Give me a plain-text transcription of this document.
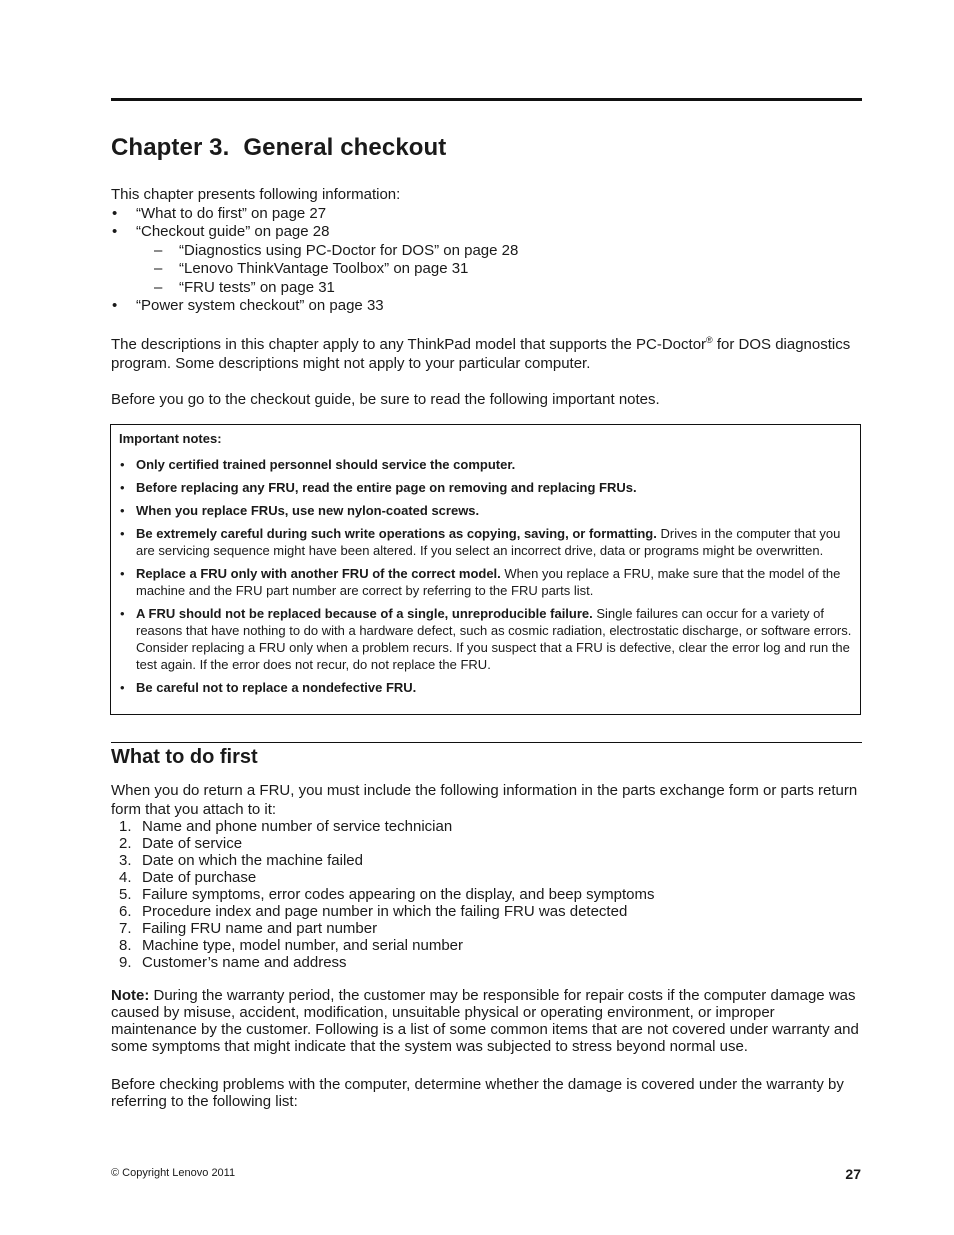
Chapter 3. General checkout

This chapter presents following information:

• “What to do first” on page 27
• “Checkout guide” on page 28
– “Diagnostics using PC-Doctor for DOS” on page 28
– “Lenovo ThinkVantage Toolbox” on page 31
– “FRU tests” on page 31
• “Power system checkout” on page 33

The descriptions in this chapter apply to any ThinkPad model that supports the PC-Doctor® for DOS diagnostics program. Some descriptions might not apply to your particular computer.

Before you go to the checkout guide, be sure to read the following important notes.

Important notes:

• Only certified trained personnel should service the computer.
• Before replacing any FRU, read the entire page on removing and replacing FRUs.
• When you replace FRUs, use new nylon-coated screws.
• Be extremely careful during such write operations as copying, saving, or formatting. Drives in the computer that you are servicing sequence might have been altered. If you select an incorrect drive, data or programs might be overwritten.
• Replace a FRU only with another FRU of the correct model. When you replace a FRU, make sure that the model of the machine and the FRU part number are correct by referring to the FRU parts list.
• A FRU should not be replaced because of a single, unreproducible failure. Single failures can occur for a variety of reasons that have nothing to do with a hardware defect, such as cosmic radiation, electrostatic discharge, or software errors. Consider replacing a FRU only when a problem recurs. If you suspect that a FRU is defective, clear the error log and run the test again. If the error does not recur, do not replace the FRU.
• Be careful not to replace a nondefective FRU.
What to do first

When you do return a FRU, you must include the following information in the parts exchange form or parts return form that you attach to it:

1. Name and phone number of service technician
2. Date of service
3. Date on which the machine failed
4. Date of purchase
5. Failure symptoms, error codes appearing on the display, and beep symptoms
6. Procedure index and page number in which the failing FRU was detected
7. Failing FRU name and part number
8. Machine type, model number, and serial number
9. Customer’s name and address

Note: During the warranty period, the customer may be responsible for repair costs if the computer damage was caused by misuse, accident, modification, unsuitable physical or operating environment, or improper maintenance by the customer. Following is a list of some common items that are not covered under warranty and some symptoms that might indicate that the system was subjected to stress beyond normal use.

Before checking problems with the computer, determine whether the damage is covered under the warranty by referring to the following list:

© Copyright Lenovo 2011	27
